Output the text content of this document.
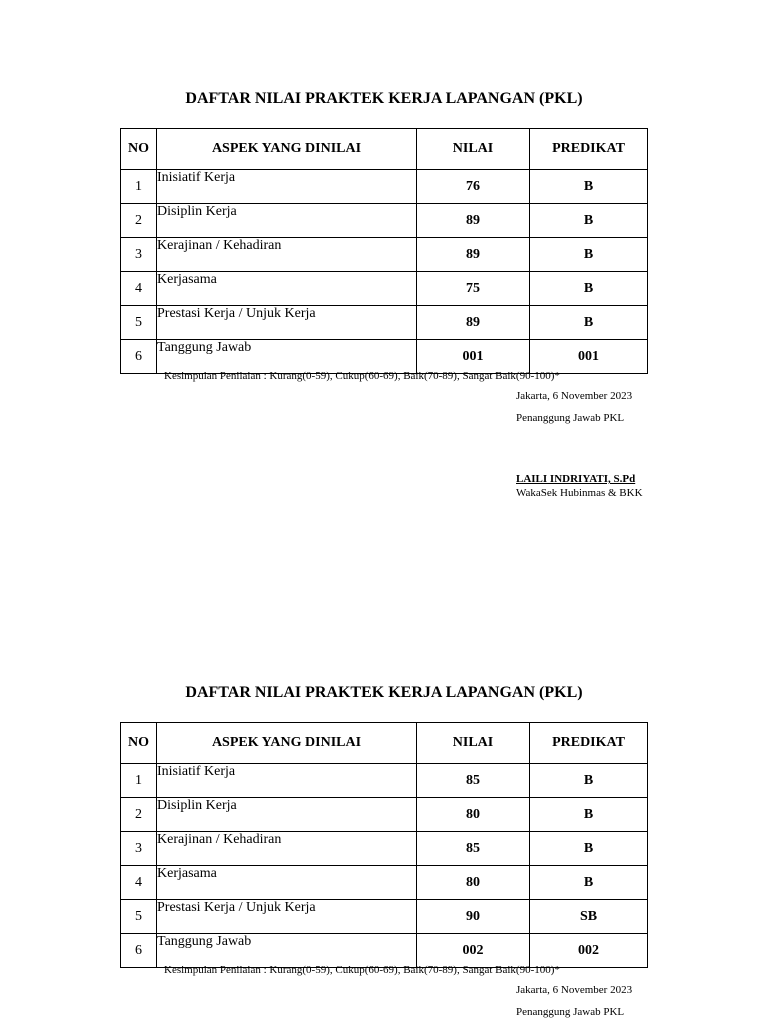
DAFTAR NILAI PRAKTEK KERJA LAPANGAN (PKL)
NO	ASPEK YANG DINILAI	NILAI	PREDIKAT
1	Inisiatif Kerja	76	B
2	Disiplin Kerja	89	B
3	Kerajinan / Kehadiran	89	B
4	Kerjasama	75	B
5	Prestasi Kerja / Unjuk Kerja	89	B
6	Tanggung Jawab	001	001
Kesimpulan Penilaian : Kurang(0-59), Cukup(60-69), Baik(70-89), Sangat Baik(90-100)*
Jakarta, 6 November 2023
Penanggung Jawab PKL
LAILI INDRIYATI, S.Pd
WakaSek Hubinmas & BKK
DAFTAR NILAI PRAKTEK KERJA LAPANGAN (PKL)
NO	ASPEK YANG DINILAI	NILAI	PREDIKAT
1	Inisiatif Kerja	85	B
2	Disiplin Kerja	80	B
3	Kerajinan / Kehadiran	85	B
4	Kerjasama	80	B
5	Prestasi Kerja / Unjuk Kerja	90	SB
6	Tanggung Jawab	002	002
Kesimpulan Penilaian : Kurang(0-59), Cukup(60-69), Baik(70-89), Sangat Baik(90-100)*
Jakarta, 6 November 2023
Penanggung Jawab PKL
